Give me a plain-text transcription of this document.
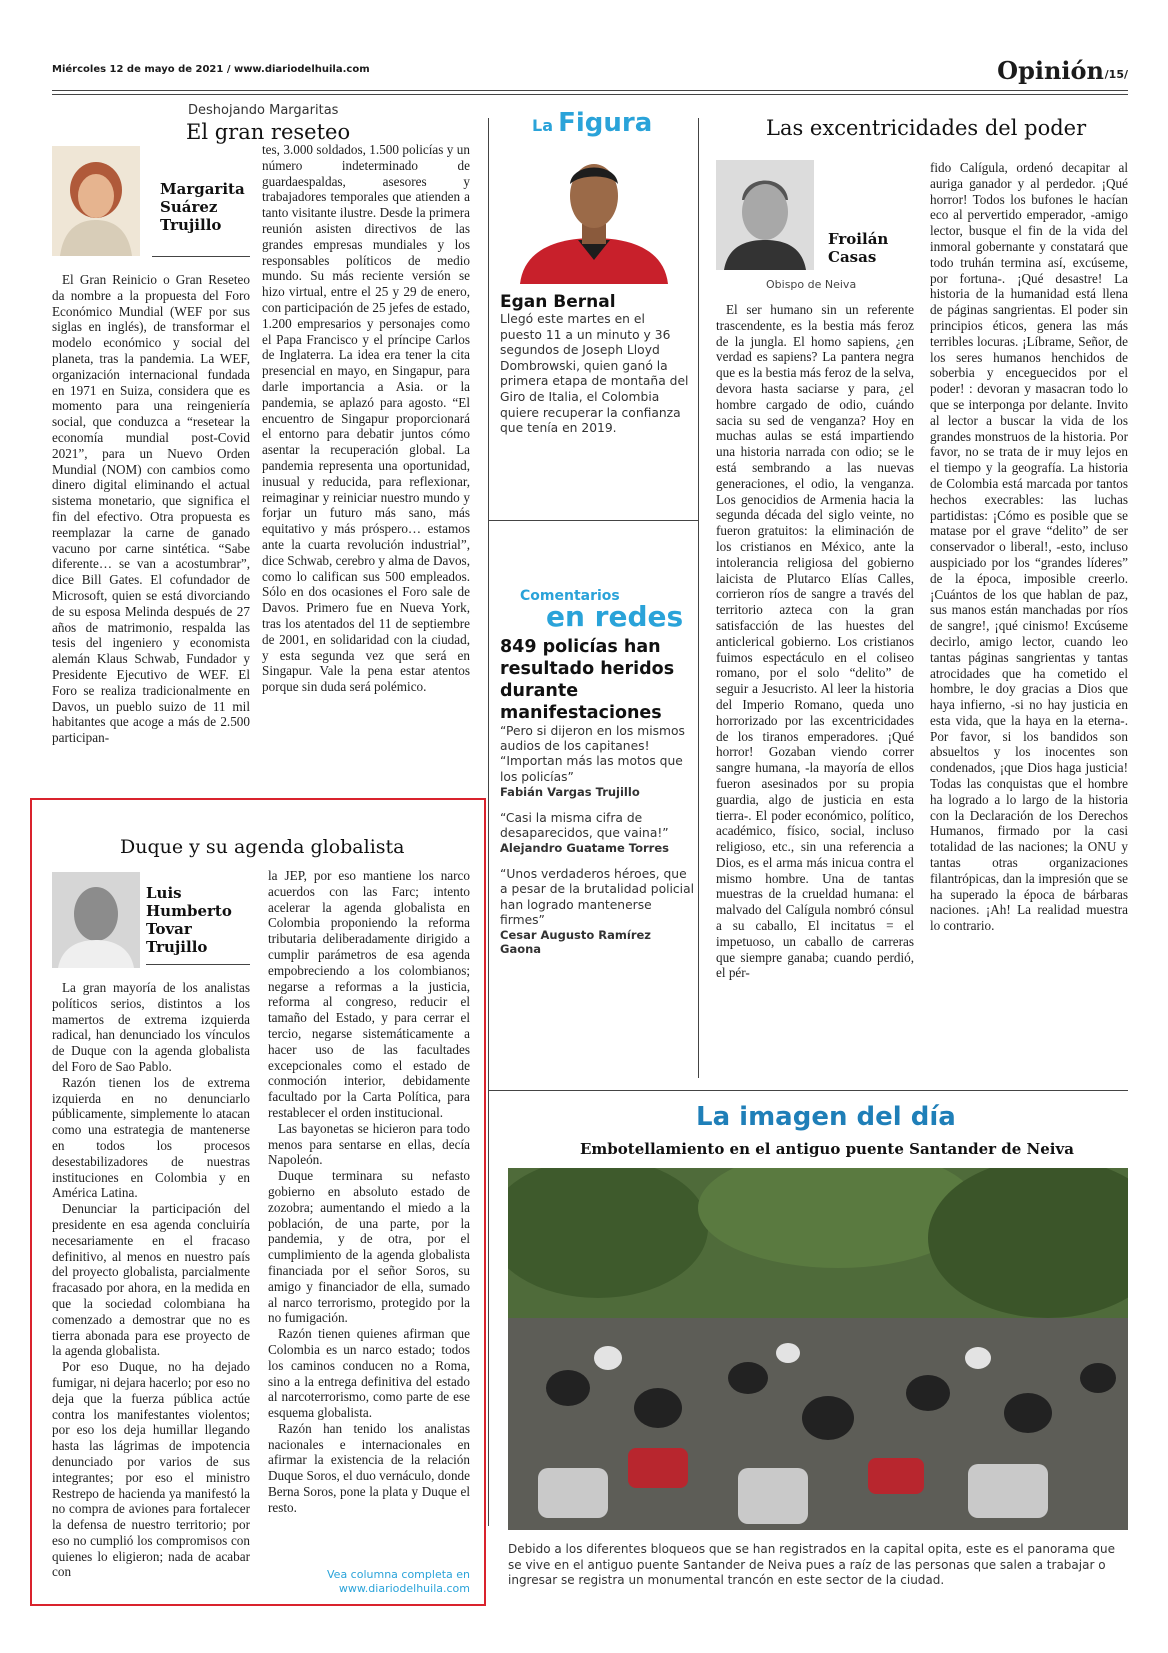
Miércoles 12 de mayo de 2021 / www.diariodelhuila.com	Opinión /15/
Deshojando Margaritas
El gran reseteo
Margarita
Suárez
Trujillo

El Gran Reinicio o Gran Reseteo da nombre a la propuesta del Foro Económico Mundial (WEF por sus siglas en inglés), de transformar el modelo económico y social del planeta, tras la pandemia. La WEF, organización internacional fundada en 1971 en Suiza, considera que es momento para una reingeniería social, que conduzca a “resetear la economía mundial post-Covid 2021”, para un Nuevo Orden Mundial (NOM) con cambios como dinero digital eliminando el actual sistema monetario, que significa el fin del efectivo. Otra propuesta es reemplazar la carne de ganado vacuno por carne sintética. “Sabe diferente… se van a acostumbrar”, dice Bill Gates. El cofundador de Microsoft, quien se está divorciando de su esposa Melinda después de 27 años de matrimonio, respalda las tesis del ingeniero y economista alemán Klaus Schwab, Fundador y Presidente Ejecutivo de WEF. El Foro se realiza tradicionalmente en Davos, un pueblo suizo de 11 mil habitantes que acoge a más de 2.500 participan-

tes, 3.000 soldados, 1.500 policías y un número indeterminado de guardaespaldas, asesores y trabajadores temporales que atienden a tanto visitante ilustre. Desde la primera reunión asisten directivos de las grandes empresas mundiales y los responsables políticos de medio mundo. Su más reciente versión se hizo virtual, entre el 25 y 29 de enero, con participación de 25 jefes de estado, 1.200 empresarios y personajes como el Papa Francisco y el príncipe Carlos de Inglaterra. La idea era tener la cita presencial en mayo, en Singapur, para darle importancia a Asia. or la pandemia, se aplazó para agosto. “El encuentro de Singapur proporcionará el entorno para debatir juntos cómo asentar la recuperación global. La pandemia representa una oportunidad, inusual y reducida, para reflexionar, reimaginar y reiniciar nuestro mundo y forjar un futuro más sano, más equitativo y más próspero… estamos ante la cuarta revolución industrial”, dice Schwab, cerebro y alma de Davos, como lo califican sus 500 empleados. Sólo en dos ocasiones el Foro sale de Davos. Primero fue en Nueva York, tras los atentados del 11 de septiembre de 2001, en solidaridad con la ciudad, y esta segunda vez que será en Singapur. Vale la pena estar atentos porque sin duda será polémico.

Duque y su agenda globalista
Luis
Humberto
Tovar
Trujillo

La gran mayoría de los analistas políticos serios, distintos a los mamertos de extrema izquierda radical, han denunciado los vínculos de Duque con la agenda globalista del Foro de Sao Pablo.

Razón tienen los de extrema izquierda en no denunciarlo públicamente, simplemente lo atacan como una estrategia de mantenerse en todos los procesos desestabilizadores de nuestras instituciones en Colombia y en América Latina.

Denunciar la participación del presidente en esa agenda concluiría necesariamente en el fracaso definitivo, al menos en nuestro país del proyecto globalista, parcialmente fracasado por ahora, en la medida en que la sociedad colombiana ha comenzado a demostrar que no es tierra abonada para ese proyecto de la agenda globalista.

Por eso Duque, no ha dejado fumigar, ni dejara hacerlo; por eso no deja que la fuerza pública actúe contra los manifestantes violentos; por eso los deja humillar llegando hasta las lágrimas de impotencia denunciado por varios de sus integrantes; por eso el ministro Restrepo de hacienda ya manifestó la no compra de aviones para fortalecer la defensa de nuestro territorio; por eso no cumplió los compromisos con quienes lo eligieron; nada de acabar con

la JEP, por eso mantiene los narco acuerdos con las Farc; intento acelerar la agenda globalista en Colombia proponiendo la reforma tributaria deliberadamente dirigido a cumplir parámetros de esa agenda empobreciendo a los colombianos; negarse a reformas a la justicia, reforma al congreso, reducir el tamaño del Estado, y para cerrar el tercio, negarse sistemáticamente a hacer uso de las facultades excepcionales como el estado de conmoción interior, debidamente facultado por la Carta Política, para restablecer el orden institucional.

Las bayonetas se hicieron para todo menos para sentarse en ellas, decía Napoleón.

Duque terminara su nefasto gobierno en absoluto estado de zozobra; aumentando el miedo a la población, de una parte, por la pandemia, y de otra, por el cumplimiento de la agenda globalista financiada por el señor Soros, su amigo y financiador de ella, sumado al narco terrorismo, protegido por la no fumigación.

Razón tienen quienes afirman que Colombia es un narco estado; todos los caminos conducen no a Roma, sino a la entrega definitiva del estado al narcoterrorismo, como parte de ese esquema globalista.

Razón han tenido los analistas nacionales e internacionales en afirmar la existencia de la relación Duque Soros, el duo vernáculo, donde Berna Soros, pone la plata y Duque el resto.

Vea columna completa en
www.diariodelhuila.com
La Figura
Egan Bernal
Llegó este martes en el puesto 11 a un minuto y 36 segundos de Joseph Lloyd Dombrowski, quien ganó la primera etapa de montaña del Giro de Italia, el Colombia quiere recuperar la confianza que tenía en 2019.
Comentarios
en redes
849 policías han resultado heridos durante manifestaciones
“Pero si dijeron en los mismos audios de los capitanes! “Importan más las motos que los policías”
Fabián Vargas Trujillo
“Casi la misma cifra de desaparecidos, que vaina!”
Alejandro Guatame Torres
“Unos verdaderos héroes, que a pesar de la brutalidad policial han logrado mantenerse firmes”
Cesar Augusto Ramírez Gaona
Las excentricidades del poder
Froilán
Casas
Obispo de Neiva

El ser humano sin un referente trascendente, es la bestia más feroz de la jungla. El homo sapiens, ¿en verdad es sapiens? La pantera negra que es la bestia más feroz de la selva, devora hasta saciarse y para, ¿el hombre cargado de odio, cuándo sacia su sed de venganza? Hoy en muchas aulas se está impartiendo una historia narrada con odio; se le está sembrando a las nuevas generaciones, el odio, la venganza. Los genocidios de Armenia hacia la segunda década del siglo veinte, no fueron gratuitos: la eliminación de los cristianos en México, ante la intolerancia religiosa del gobierno laicista de Plutarco Elías Calles, corrieron ríos de sangre a través del territorio azteca con la gran satisfacción de las huestes del anticlerical gobierno. Los cristianos fuimos espectáculo en el coliseo romano, por el solo “delito” de seguir a Jesucristo. Al leer la historia del Imperio Romano, queda uno horrorizado por las excentricidades de los tiranos emperadores. ¡Qué horror! Gozaban viendo correr sangre humana, -la mayoría de ellos fueron asesinados por su propia guardia, algo de justicia en esta tierra-. El poder económico, político, académico, físico, social, incluso religioso, etc., sin una referencia a Dios, es el arma más inicua contra el mismo hombre. Una de tantas muestras de la crueldad humana: el malvado del Calígula nombró cónsul a su caballo, El incitatus = el impetuoso, un caballo de carreras que siempre ganaba; cuando perdió, el pér-

fido Calígula, ordenó decapitar al auriga ganador y al perdedor. ¡Qué horror! Todos los bufones le hacían eco al pervertido emperador, -amigo lector, busque el fin de la vida del inmoral gobernante y constatará que todo truhán termina así, excúseme, por fortuna-. ¡Qué desastre! La historia de la humanidad está llena de páginas sangrientas. El poder sin principios éticos, genera las más terribles locuras. ¡Líbrame, Señor, de los seres humanos henchidos de soberbia y enceguecidos por el poder! : devoran y masacran todo lo que se interponga por delante. Invito al lector a buscar la vida de los grandes monstruos de la historia. Por favor, no se trata de ir muy lejos en el tiempo y la geografía. La historia de Colombia está marcada por tantos hechos execrables: las luchas partidistas: ¡Cómo es posible que se matase por el grave “delito” de ser conservador o liberal!, -esto, incluso auspiciado por los “grandes líderes” de la época, imposible creerlo. ¡Cuántos de los que hablan de paz, sus manos están manchadas por ríos de sangre!, ¡qué cinismo! Excúseme decirlo, amigo lector, cuando leo tantas páginas sangrientas y tantas atrocidades que ha cometido el hombre, le doy gracias a Dios que haya infierno, -si no hay justicia en esta vida, que la haya en la eterna-. Por favor, si los bandidos son absueltos y los inocentes son condenados, ¡que Dios haga justicia! Todas las conquistas que el hombre ha logrado a lo largo de la historia con la Declaración de los Derechos Humanos, firmado por la casi totalidad de las naciones; la ONU y tantas otras organizaciones filantrópicas, dan la impresión que se ha superado la época de bárbaras naciones. ¡Ah! La realidad muestra lo contrario.

La imagen del día
Embotellamiento en el antiguo puente Santander de Neiva
Debido a los diferentes bloqueos que se han registrados en la capital opita, este es el panorama que se vive en el antiguo puente Santander de Neiva pues a raíz de las personas que salen a trabajar o ingresar se registra un monumental trancón en este sector de la ciudad.
